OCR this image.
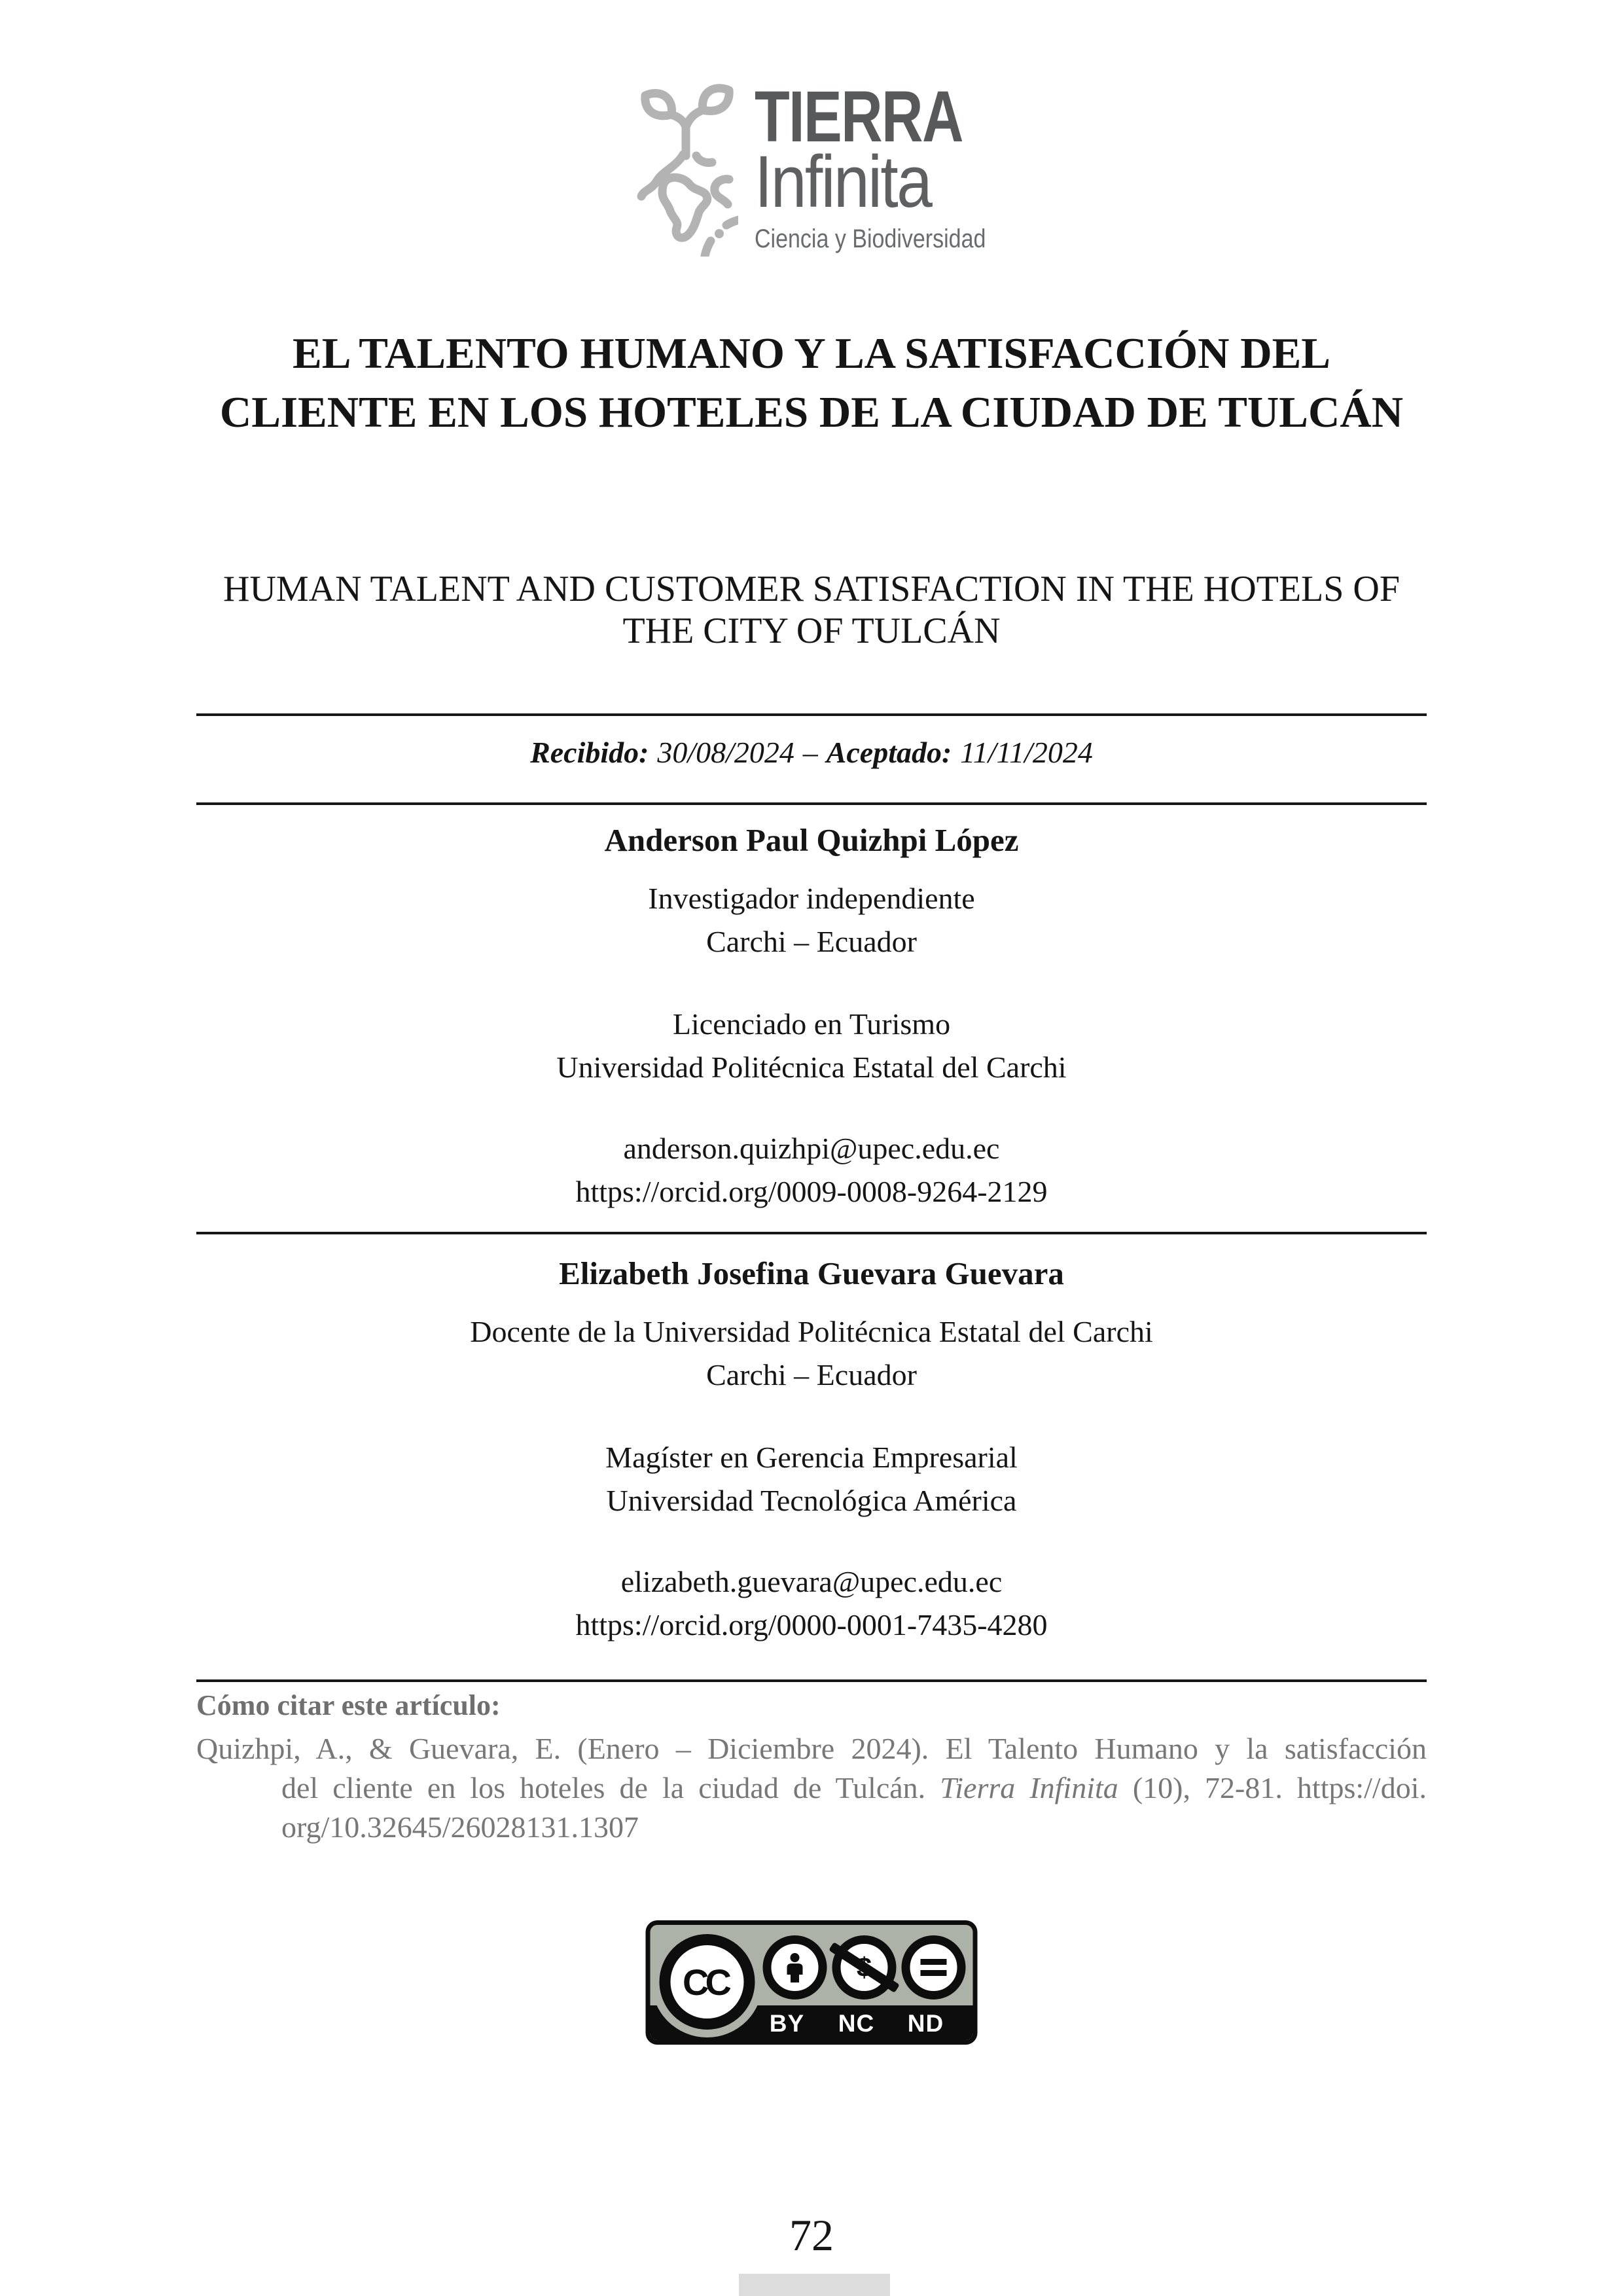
TIERRA
Infinita
Ciencia y Biodiversidad
EL TALENTO HUMANO Y LA SATISFACCIÓN DEL CLIENTE EN LOS HOTELES DE LA CIUDAD DE TULCÁN
HUMAN TALENT AND CUSTOMER SATISFACTION IN THE HOTELS OF THE CITY OF TULCÁN
Recibido: 30/08/2024 – Aceptado: 11/11/2024
Anderson Paul Quizhpi López
Investigador independiente
Carchi – Ecuador
Licenciado en Turismo
Universidad Politécnica Estatal del Carchi
anderson.quizhpi@upec.edu.ec
https://orcid.org/0009-0008-9264-2129
Elizabeth Josefina Guevara Guevara
Docente de la Universidad Politécnica Estatal del Carchi
Carchi – Ecuador
Magíster en Gerencia Empresarial
Universidad Tecnológica América
elizabeth.guevara@upec.edu.ec
https://orcid.org/0000-0001-7435-4280
Cómo citar este artículo:
Quizhpi, A., & Guevara, E. (Enero – Diciembre 2024). El Talento Humano y la satisfacción
del cliente en los hoteles de la ciudad de Tulcán. Tierra Infinita (10), 72-81. https://doi.
org/10.32645/26028131.1307
CC
BY	NC	ND
72
